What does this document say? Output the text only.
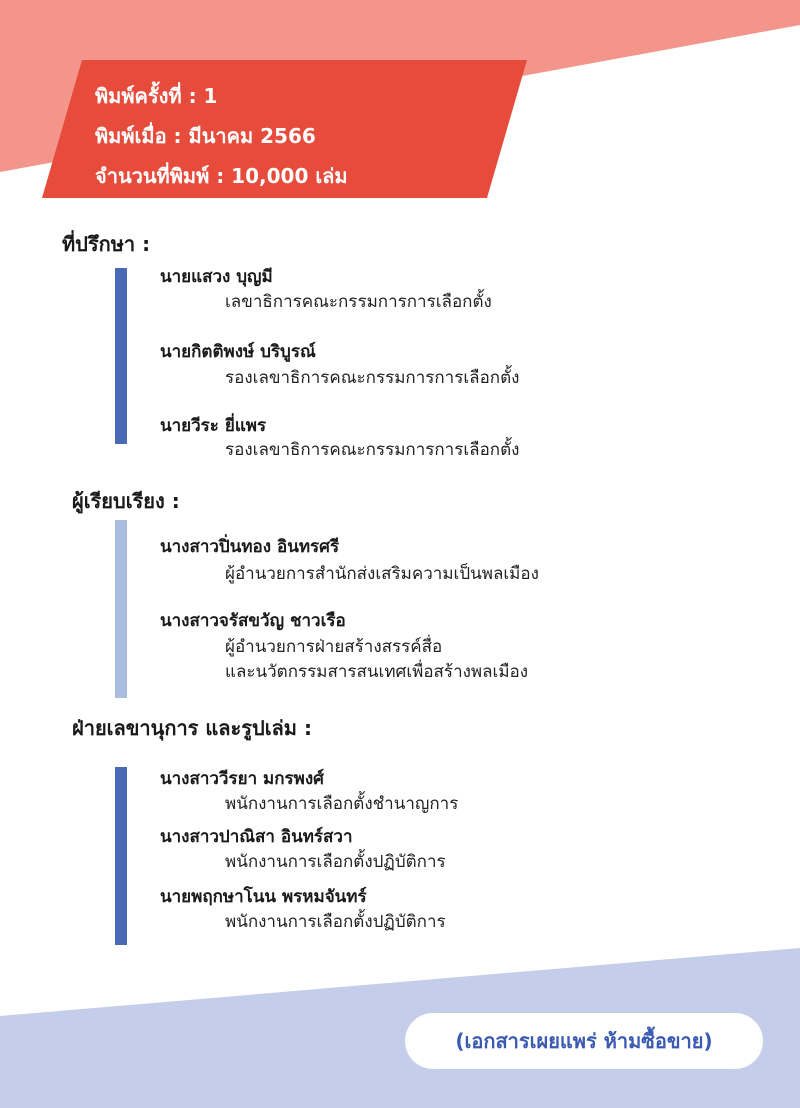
พิมพ์ครั้งที่ : 1
พิมพ์เมื่อ : มีนาคม 2566
จำนวนที่พิมพ์ : 10,000 เล่ม
ที่ปรึกษา :
นายแสวง บุญมี
เลขาธิการคณะกรรมการการเลือกตั้ง
นายกิตติพงษ์ บริบูรณ์
รองเลขาธิการคณะกรรมการการเลือกตั้ง
นายวีระ ยี่แพร
รองเลขาธิการคณะกรรมการการเลือกตั้ง
ผู้เรียบเรียง :
นางสาวปิ่นทอง อินทรศรี
ผู้อำนวยการสำนักส่งเสริมความเป็นพลเมือง
นางสาวจรัสขวัญ ชาวเรือ
ผู้อำนวยการฝ่ายสร้างสรรค์สื่อ
และนวัตกรรมสารสนเทศเพื่อสร้างพลเมือง
ฝ่ายเลขานุการ และรูปเล่ม :
นางสาววีรยา มกรพงศ์
พนักงานการเลือกตั้งชำนาญการ
นางสาวปาณิสา อินทร์สวา
พนักงานการเลือกตั้งปฏิบัติการ
นายพฤกษาโนน พรหมจันทร์
พนักงานการเลือกตั้งปฏิบัติการ
(เอกสารเผยแพร่ ห้ามซื้อขาย)
